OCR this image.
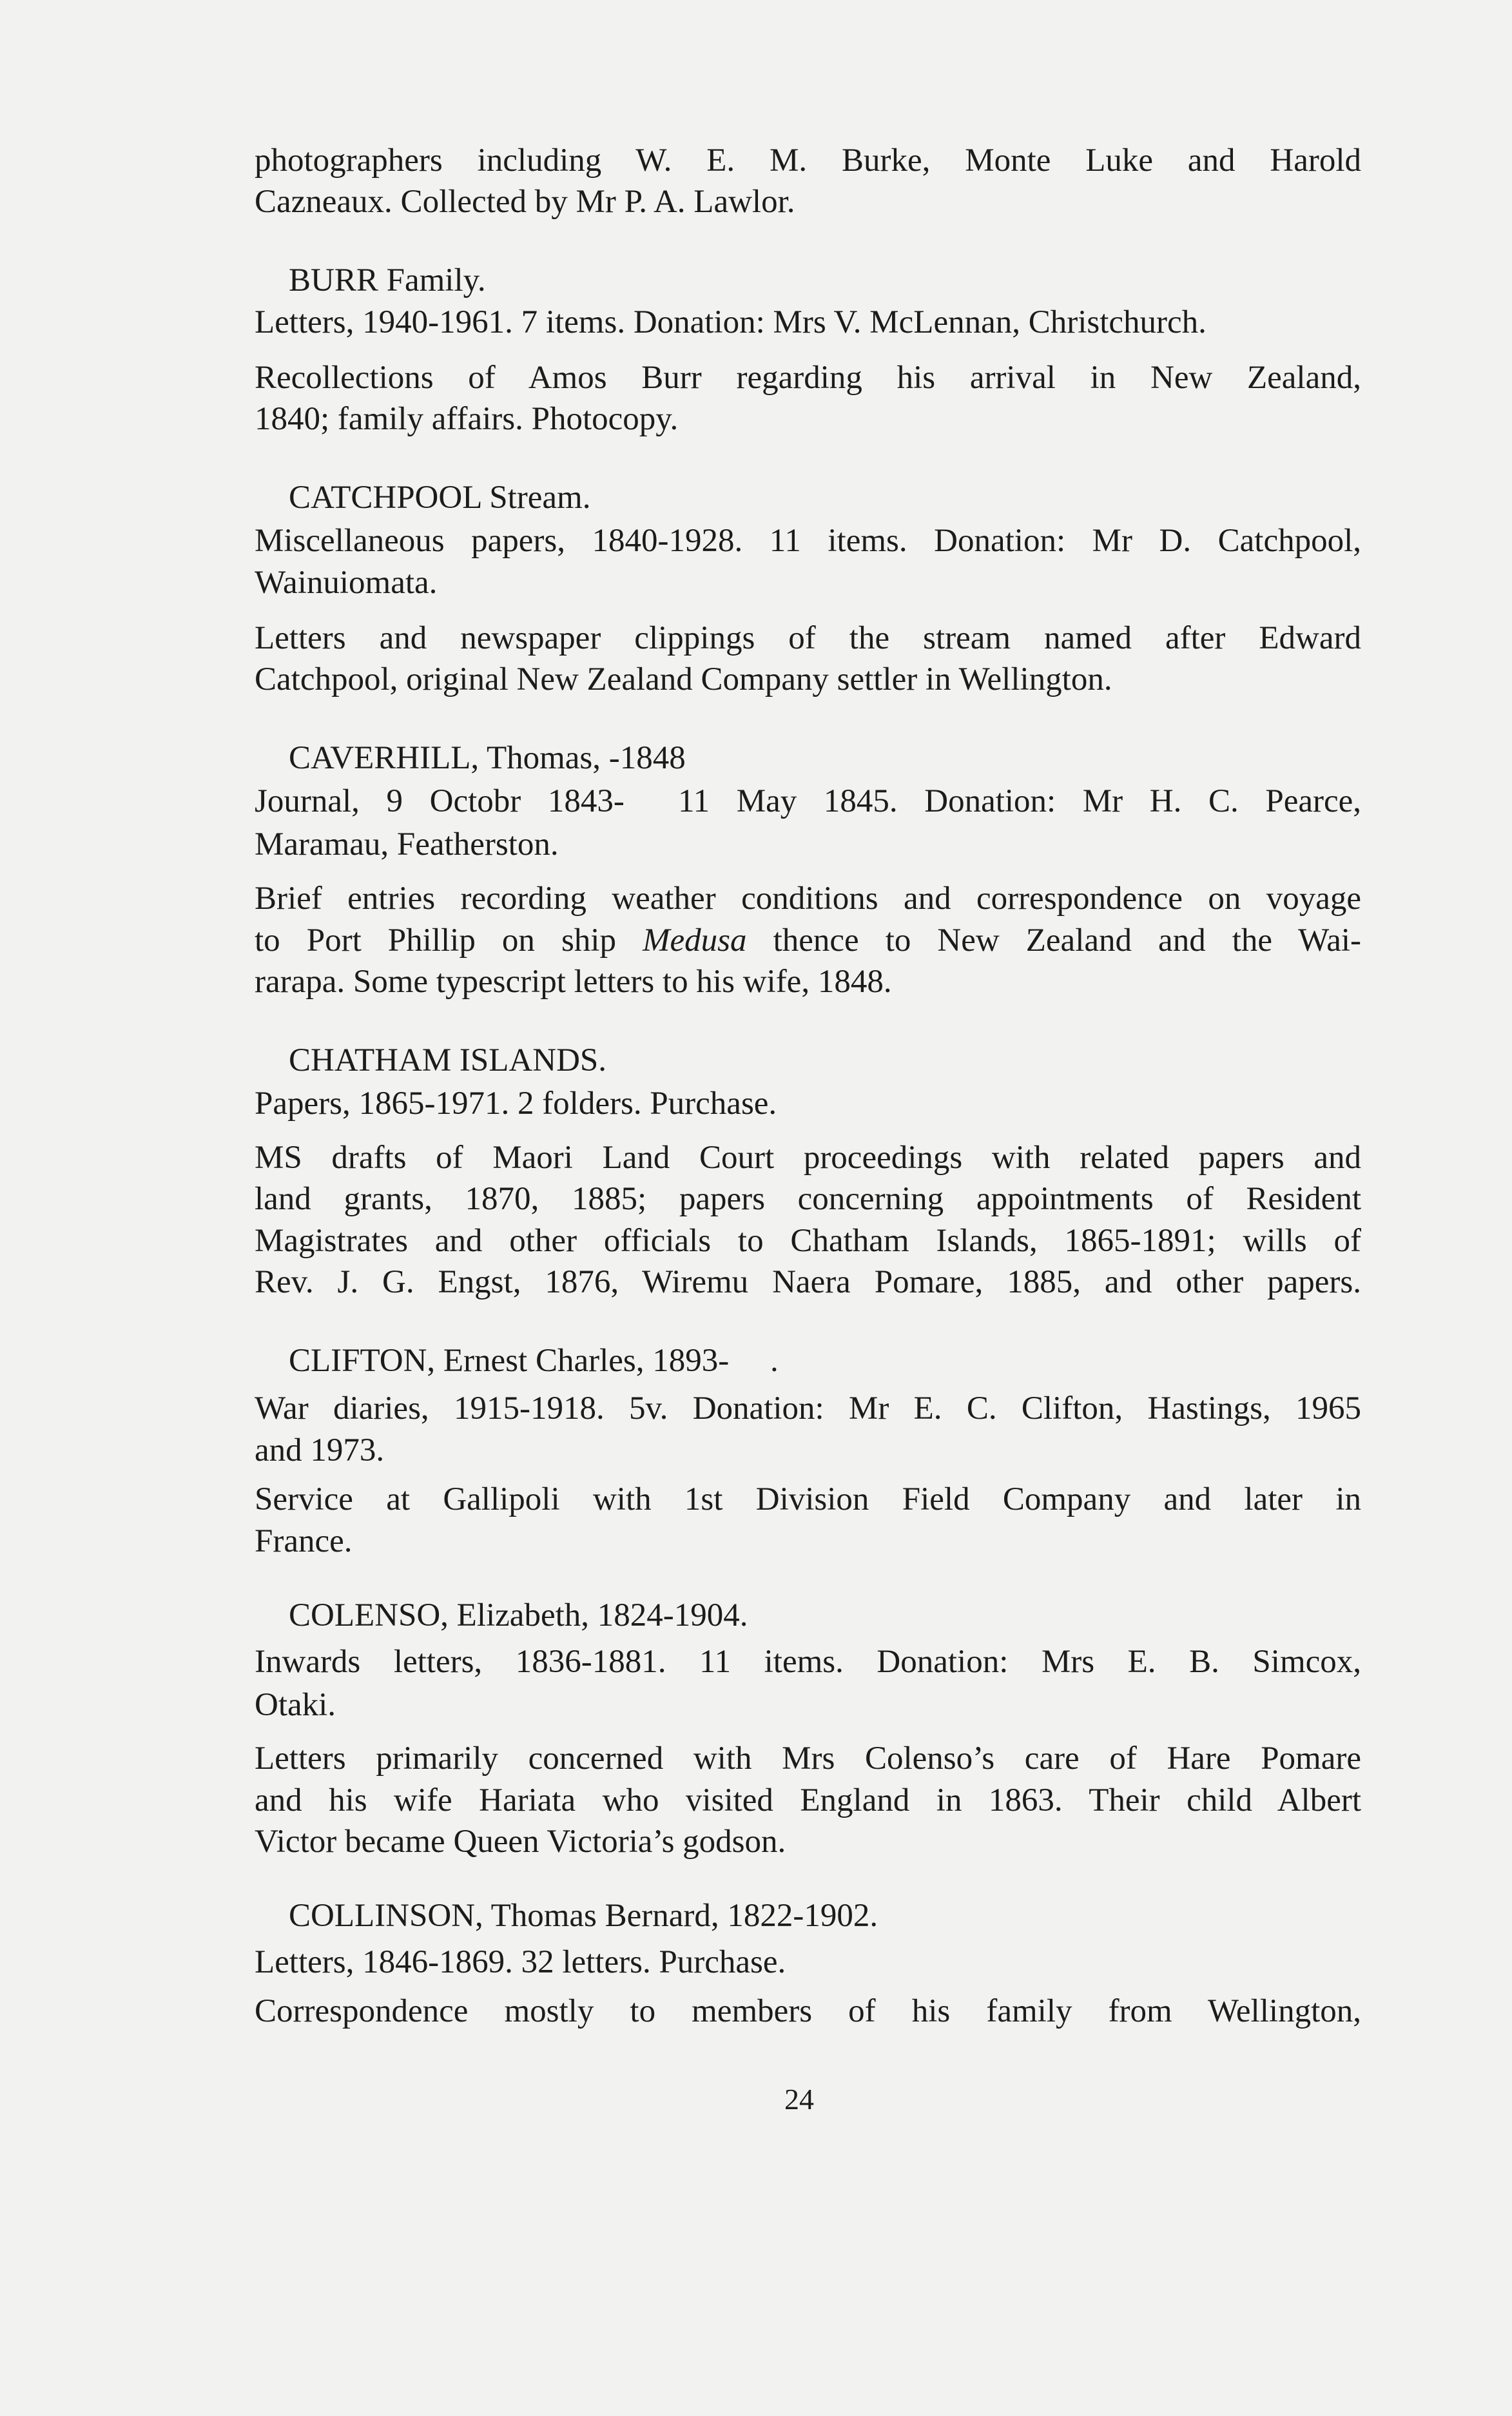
photographers including W. E. M. Burke, Monte Luke and Harold
Cazneaux. Collected by Mr P. A. Lawlor.
BURR Family.
Letters, 1940-1961. 7 items. Donation: Mrs V. McLennan, Christchurch.
Recollections of Amos Burr regarding his arrival in New Zealand,
1840; family affairs. Photocopy.
CATCHPOOL Stream.
Miscellaneous papers, 1840-1928. 11 items. Donation: Mr D. Catchpool,
Wainuiomata.
Letters and newspaper clippings of the stream named after Edward
Catchpool, original New Zealand Company settler in Wellington.
CAVERHILL, Thomas, -1848
Journal, 9 Octobr 1843-  11 May 1845. Donation: Mr H. C. Pearce,
Maramau, Featherston.
Brief entries recording weather conditions and correspondence on voyage
to Port Phillip on ship Medusa thence to New Zealand and the Wai-
rarapa. Some typescript letters to his wife, 1848.
CHATHAM ISLANDS.
Papers, 1865-1971. 2 folders. Purchase.
MS drafts of Maori Land Court proceedings with related papers and
land grants, 1870, 1885; papers concerning appointments of Resident
Magistrates and other officials to Chatham Islands, 1865-1891; wills of
Rev. J. G. Engst, 1876, Wiremu Naera Pomare, 1885, and other papers.
CLIFTON, Ernest Charles, 1893-     .
War diaries, 1915-1918. 5v. Donation: Mr E. C. Clifton, Hastings, 1965
and 1973.
Service at Gallipoli with 1st Division Field Company and later in
France.
COLENSO, Elizabeth, 1824-1904.
Inwards letters, 1836-1881. 11 items. Donation: Mrs E. B. Simcox,
Otaki.
Letters primarily concerned with Mrs Colenso’s care of Hare Pomare
and his wife Hariata who visited England in 1863. Their child Albert
Victor became Queen Victoria’s godson.
COLLINSON, Thomas Bernard, 1822-1902.
Letters, 1846-1869. 32 letters. Purchase.
Correspondence mostly to members of his family from Wellington,
24
